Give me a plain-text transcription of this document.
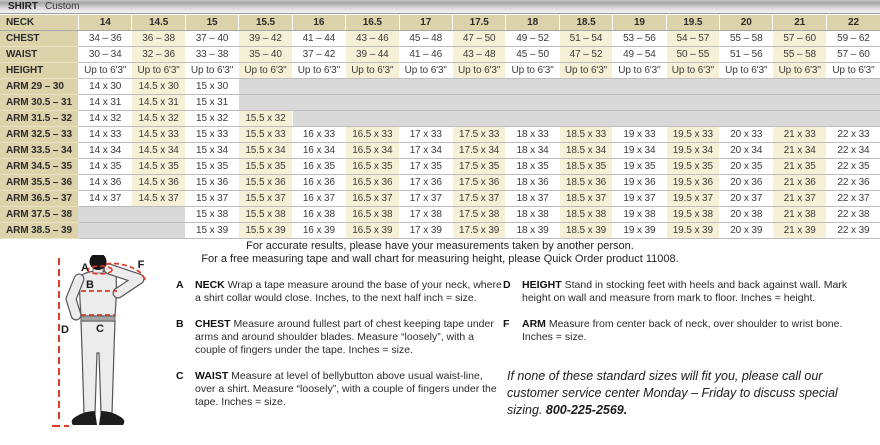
SHIRT Custom
NECK	14	14.5	15	15.5	16	16.5	17	17.5	18	18.5	19	19.5	20	21	22
CHEST	34 – 36	36 – 38	37 – 40	39 – 42	41 – 44	43 – 46	45 – 48	47 – 50	49 – 52	51 – 54	53 – 56	54 – 57	55 – 58	57 – 60	59 – 62
WAIST	30 – 34	32 – 36	33 – 38	35 – 40	37 – 42	39 – 44	41 – 46	43 – 48	45 – 50	47 – 52	49 – 54	50 – 55	51 – 56	55 – 58	57 – 60
HEIGHT	Up to 6'3"	Up to 6'3"	Up to 6'3"	Up to 6'3"	Up to 6'3"	Up to 6'3"	Up to 6'3"	Up to 6'3"	Up to 6'3"	Up to 6'3"	Up to 6'3"	Up to 6'3"	Up to 6'3"	Up to 6'3"	Up to 6'3"
ARM 29 – 30	14 x 30	14.5 x 30	15 x 30												
ARM 30.5 – 31	14 x 31	14.5 x 31	15 x 31												
ARM 31.5 – 32	14 x 32	14.5 x 32	15 x 32	15.5 x 32											
ARM 32.5 – 33	14 x 33	14.5 x 33	15 x 33	15.5 x 33	16 x 33	16.5 x 33	17 x 33	17.5 x 33	18 x 33	18.5 x 33	19 x 33	19.5 x 33	20 x 33	21 x 33	22 x 33
ARM 33.5 – 34	14 x 34	14.5 x 34	15 x 34	15.5 x 34	16 x 34	16.5 x 34	17 x 34	17.5 x 34	18 x 34	18.5 x 34	19 x 34	19.5 x 34	20 x 34	21 x 34	22 x 34
ARM 34.5 – 35	14 x 35	14.5 x 35	15 x 35	15.5 x 35	16 x 35	16.5 x 35	17 x 35	17.5 x 35	18 x 35	18.5 x 35	19 x 35	19.5 x 35	20 x 35	21 x 35	22 x 35
ARM 35.5 – 36	14 x 36	14.5 x 36	15 x 36	15.5 x 36	16 x 36	16.5 x 36	17 x 36	17.5 x 36	18 x 36	18.5 x 36	19 x 36	19.5 x 36	20 x 36	21 x 36	22 x 36
ARM 36.5 – 37	14 x 37	14.5 x 37	15 x 37	15.5 x 37	16 x 37	16.5 x 37	17 x 37	17.5 x 37	18 x 37	18.5 x 37	19 x 37	19.5 x 37	20 x 37	21 x 37	22 x 37
ARM 37.5 – 38			15 x 38	15.5 x 38	16 x 38	16.5 x 38	17 x 38	17.5 x 38	18 x 38	18.5 x 38	19 x 38	19.5 x 38	20 x 38	21 x 38	22 x 38
ARM 38.5 – 39			15 x 39	15.5 x 39	16 x 39	16.5 x 39	17 x 39	17.5 x 39	18 x 39	18.5 x 39	19 x 39	19.5 x 39	20 x 39	21 x 39	22 x 39
For accurate results, please have your measurements taken by another person.
For a free measuring tape and wall chart for measuring height, please Quick Order product 11008.
A
B
C
D
F
A	NECK Wrap a tape measure around the base of your neck, where a shirt collar would close. Inches, to the next half inch = size.
B	CHEST Measure around fullest part of chest keeping tape under arms and around shoulder blades. Measure “loosely”, with a couple of fingers under the tape. Inches = size.
C	WAIST Measure at level of bellybutton above usual waist-line, over a shirt. Measure “loosely”, with a couple of fingers under the tape. Inches = size.
D	HEIGHT Stand in stocking feet with heels and back against wall. Mark height on wall and measure from mark to floor. Inches = height.
F	ARM Measure from center back of neck, over shoulder to wrist bone. Inches = size.
If none of these standard sizes will fit you, please call our customer service center Monday – Friday to discuss special sizing. 800-225-2569.
